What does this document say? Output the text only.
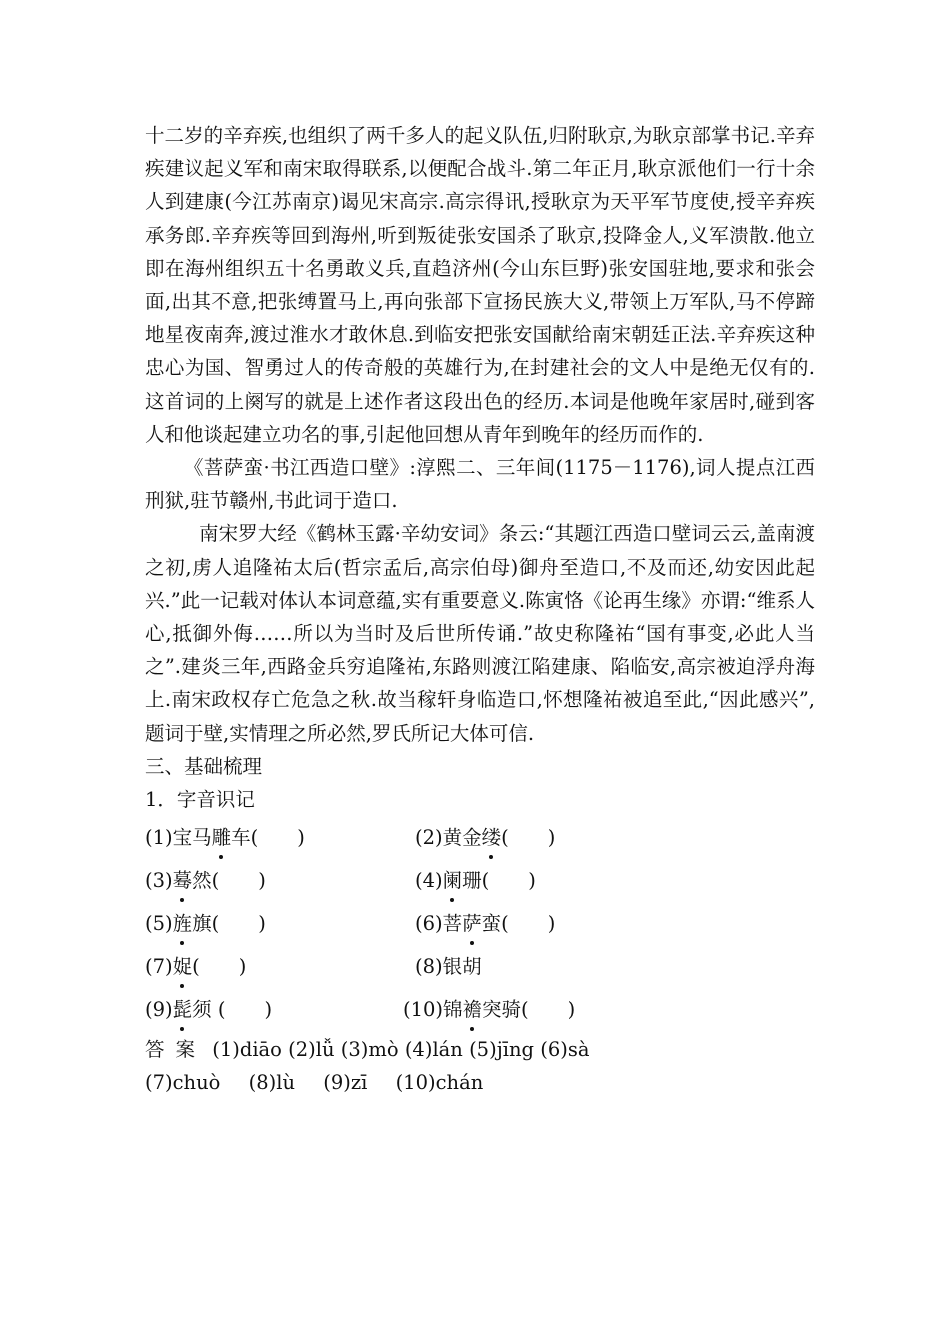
十二岁的辛弃疾,也组织了两千多人的起义队伍,归附耿京,为耿京部掌书记.辛弃疾建议起义军和南宋取得联系,以便配合战斗.第二年正月,耿京派他们一行十余人到建康(今江苏南京)谒见宋高宗.高宗得讯,授耿京为天平军节度使,授辛弃疾承务郎.辛弃疾等回到海州,听到叛徒张安国杀了耿京,投降金人,义军溃散.他立即在海州组织五十名勇敢义兵,直趋济州(今山东巨野)张安国驻地,要求和张会面,出其不意,把张缚置马上,再向张部下宣扬民族大义,带领上万军队,马不停蹄地星夜南奔,渡过淮水才敢休息.到临安把张安国献给南宋朝廷正法.辛弃疾这种忠心为国、智勇过人的传奇般的英雄行为,在封建社会的文人中是绝无仅有的.这首词的上阕写的就是上述作者这段出色的经历.本词是他晚年家居时,碰到客人和他谈起建立功名的事,引起他回想从青年到晚年的经历而作的.

《菩萨蛮·书江西造口壁》:淳熙二、三年间(1175－1176),词人提点江西刑狱,驻节赣州,书此词于造口.

南宋罗大经《鹤林玉露·辛幼安词》条云:“其题江西造口壁词云云,盖南渡之初,虏人追隆祐太后(哲宗孟后,高宗伯母)御舟至造口,不及而还,幼安因此起兴.”此一记载对体认本词意蕴,实有重要意义.陈寅恪《论再生缘》亦谓:“维系人心,抵御外侮……所以为当时及后世所传诵.”故史称隆祐“国有事变,必此人当之”.建炎三年,西路金兵穷追隆祐,东路则渡江陷建康、陷临安,高宗被迫浮舟海上.南宋政权存亡危急之秋.故当稼轩身临造口,怀想隆祐被追至此,“因此感兴”,题词于壁,实情理之所必然,罗氏所记大体可信.

三、基础梳理

1．字音识记

(1)宝马雕车(　　)	(2)黄金缕(　　)
(3)蓦然(　　)	(4)阑珊(　　)
(5)旌旗(　　)	(6)菩萨蛮(　　)
(7)娖(　　)	(8)银胡
(9)髭须 (　　)	(10)锦襜突骑(　　)
答案 (1)diāo (2)lǚ (3)mò (4)lán (5)jīng (6)sà
(7)chuò (8)lù (9)zī (10)chán
